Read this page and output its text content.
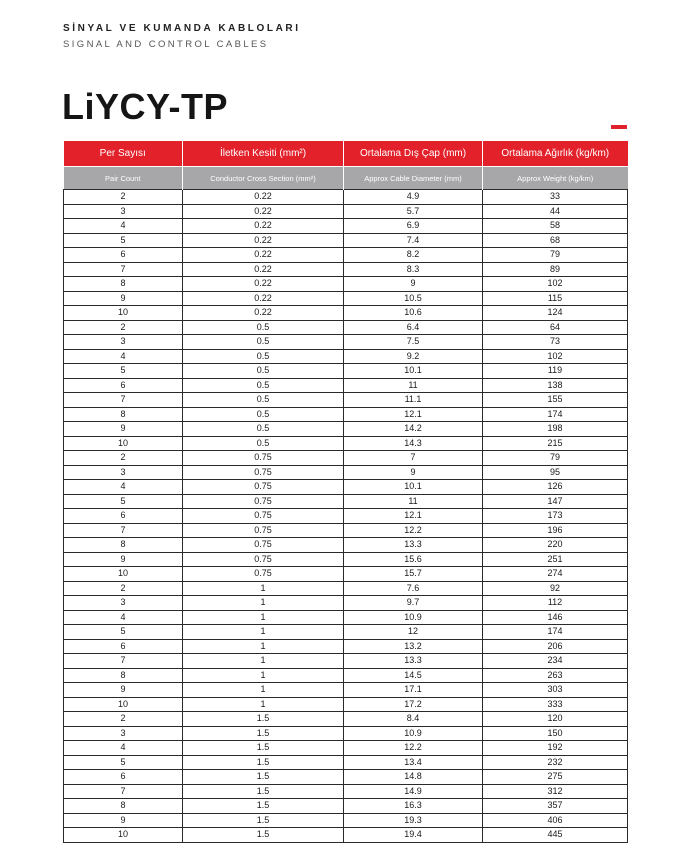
SİNYAL VE KUMANDA KABLOLARI
SIGNAL AND CONTROL CABLES
LiYCY-TP
Per Sayısı	İletken Kesiti (mm²)	Ortalama Dış Çap (mm)	Ortalama Ağırlık (kg/km)
Pair Count	Conductor Cross Section (mm²)	Approx Cable Diameter (mm)	Approx Weight (kg/km)
2	0.22	4.9	33
3	0.22	5.7	44
4	0.22	6.9	58
5	0.22	7.4	68
6	0.22	8.2	79
7	0.22	8.3	89
8	0.22	9	102
9	0.22	10.5	115
10	0.22	10.6	124
2	0.5	6.4	64
3	0.5	7.5	73
4	0.5	9.2	102
5	0.5	10.1	119
6	0.5	11	138
7	0.5	11.1	155
8	0.5	12.1	174
9	0.5	14.2	198
10	0.5	14.3	215
2	0.75	7	79
3	0.75	9	95
4	0.75	10.1	126
5	0.75	11	147
6	0.75	12.1	173
7	0.75	12.2	196
8	0.75	13.3	220
9	0.75	15.6	251
10	0.75	15.7	274
2	1	7.6	92
3	1	9.7	112
4	1	10.9	146
5	1	12	174
6	1	13.2	206
7	1	13.3	234
8	1	14.5	263
9	1	17.1	303
10	1	17.2	333
2	1.5	8.4	120
3	1.5	10.9	150
4	1.5	12.2	192
5	1.5	13.4	232
6	1.5	14.8	275
7	1.5	14.9	312
8	1.5	16.3	357
9	1.5	19.3	406
10	1.5	19.4	445
